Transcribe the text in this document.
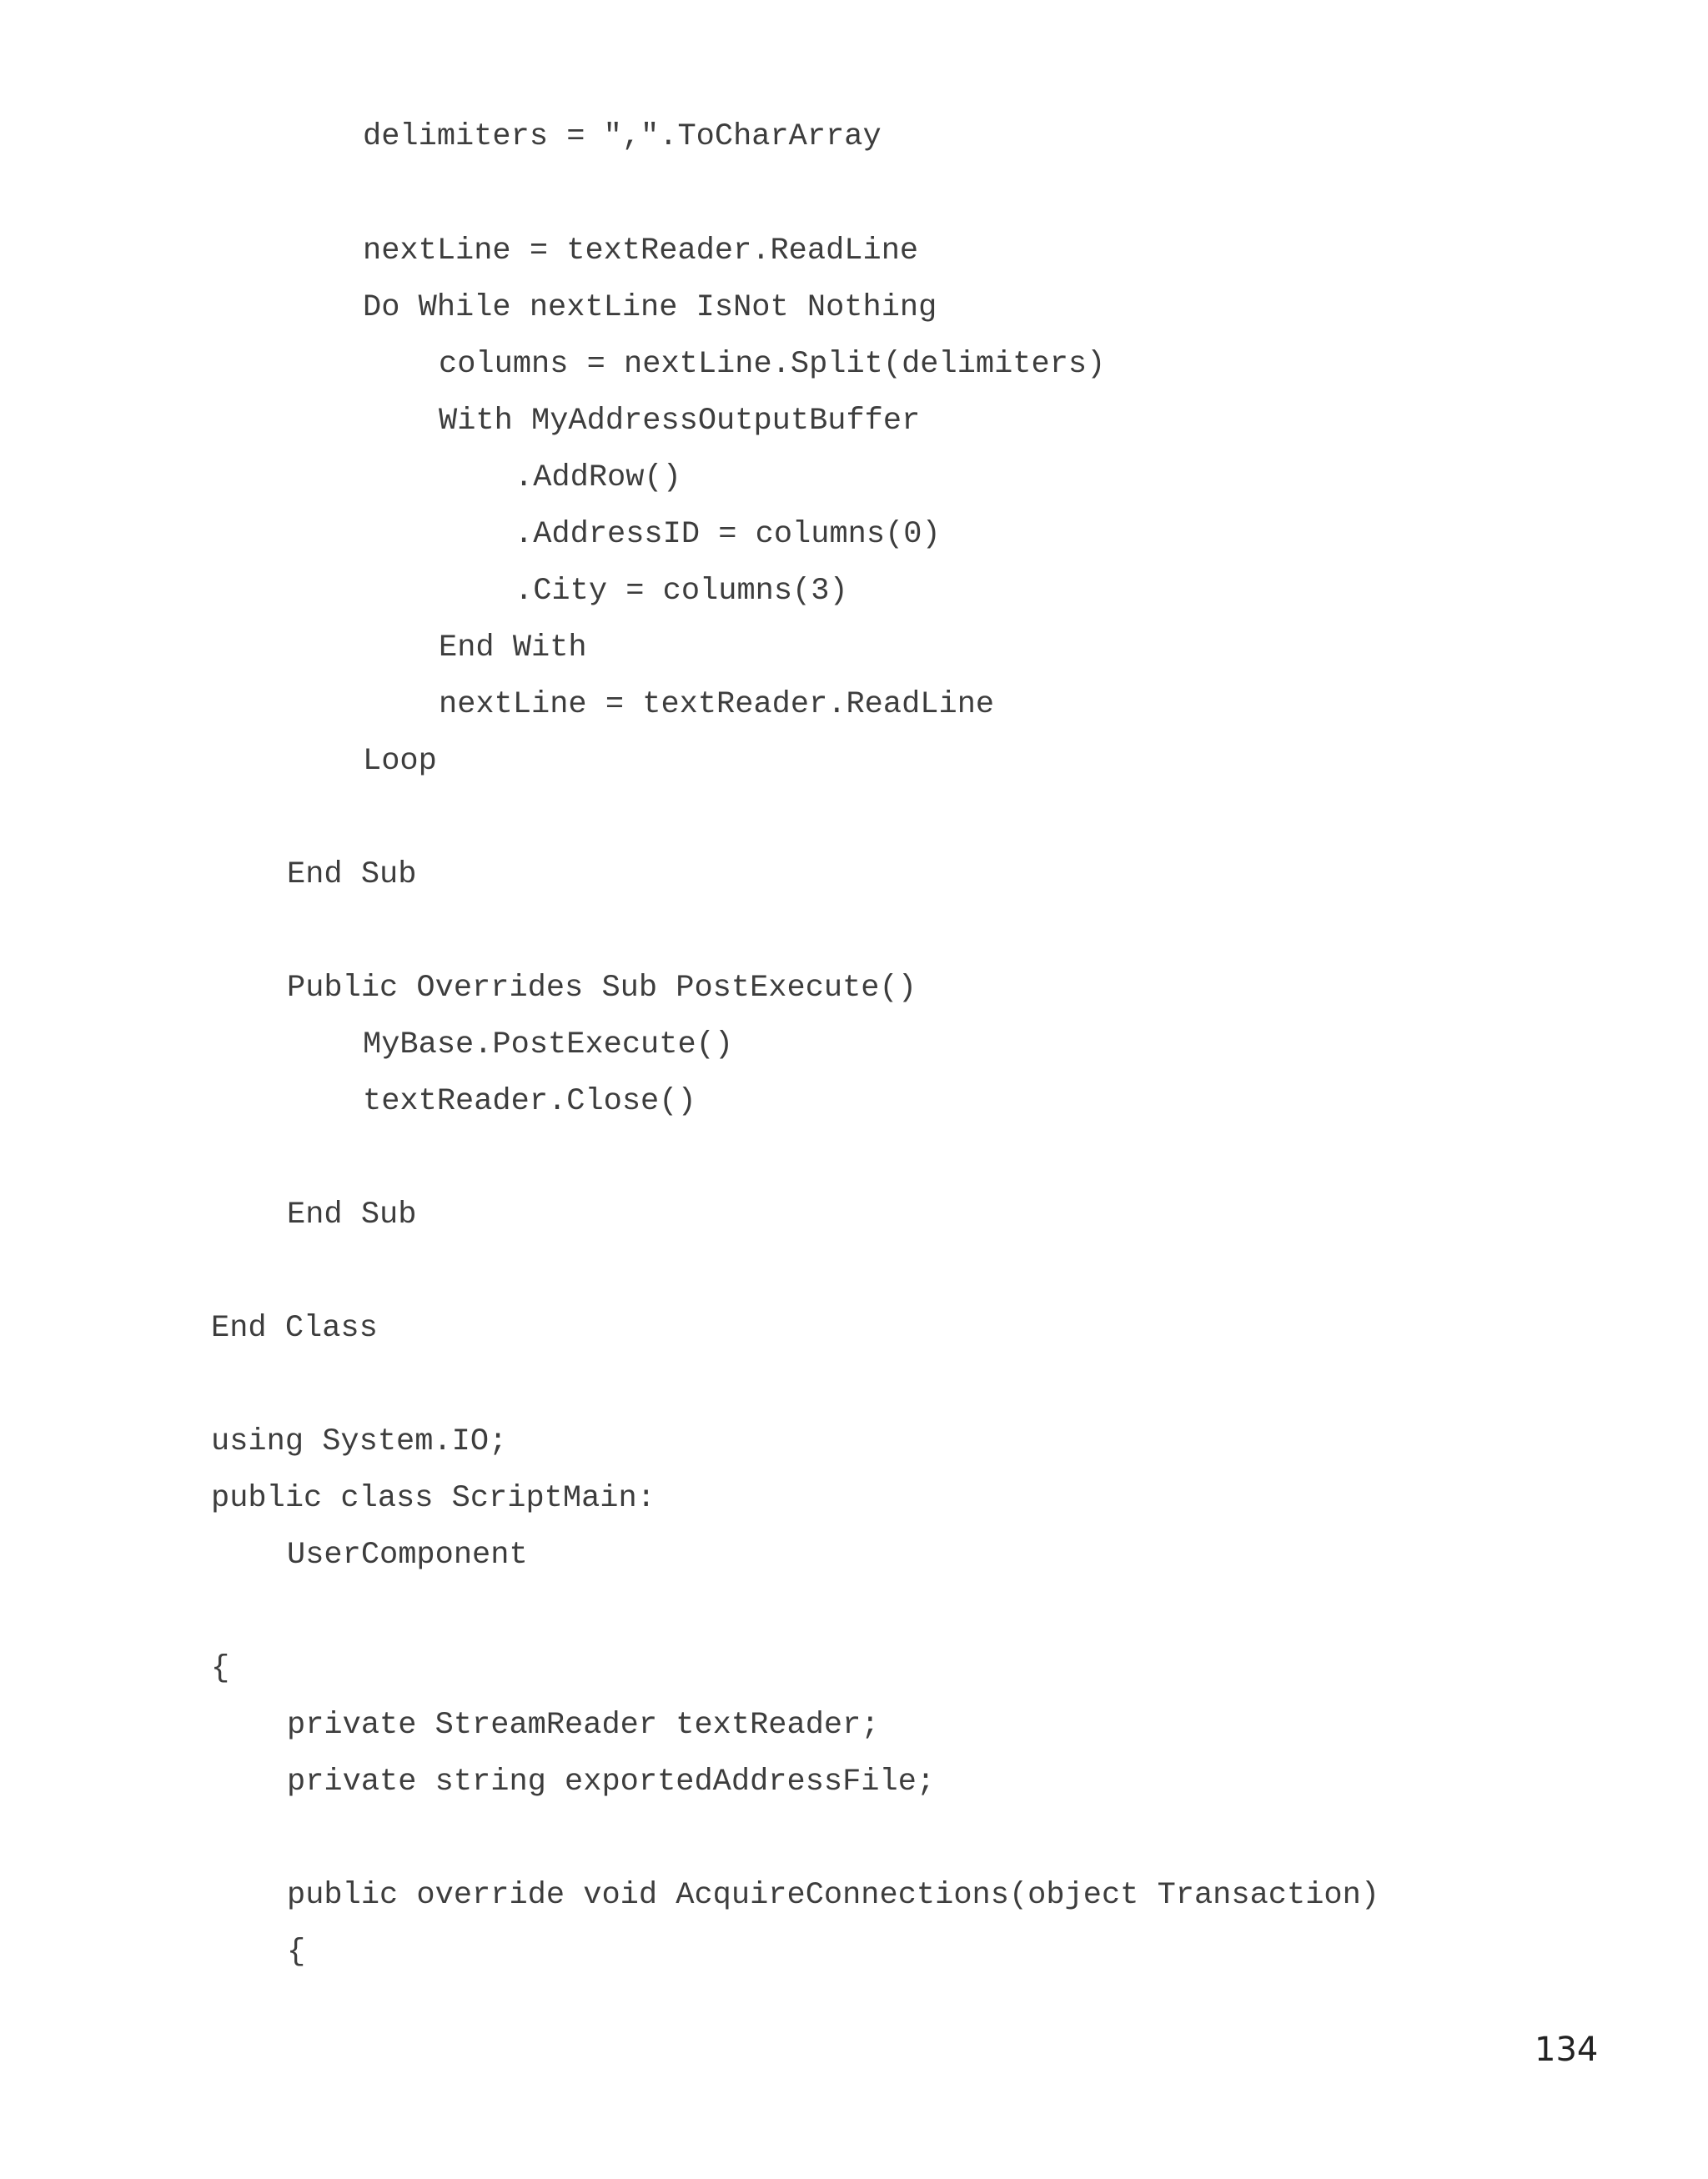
delimiters = ",".ToCharArray
nextLine = textReader.ReadLine
Do While nextLine IsNot Nothing
columns = nextLine.Split(delimiters)
With MyAddressOutputBuffer
.AddRow()
.AddressID = columns(0)
.City = columns(3)
End With
nextLine = textReader.ReadLine
Loop
End Sub
Public Overrides Sub PostExecute()
MyBase.PostExecute()
textReader.Close()
End Sub
End Class
using System.IO;
public class ScriptMain:
UserComponent
{
private StreamReader textReader;
private string exportedAddressFile;
public override void AcquireConnections(object Transaction)
{
134
